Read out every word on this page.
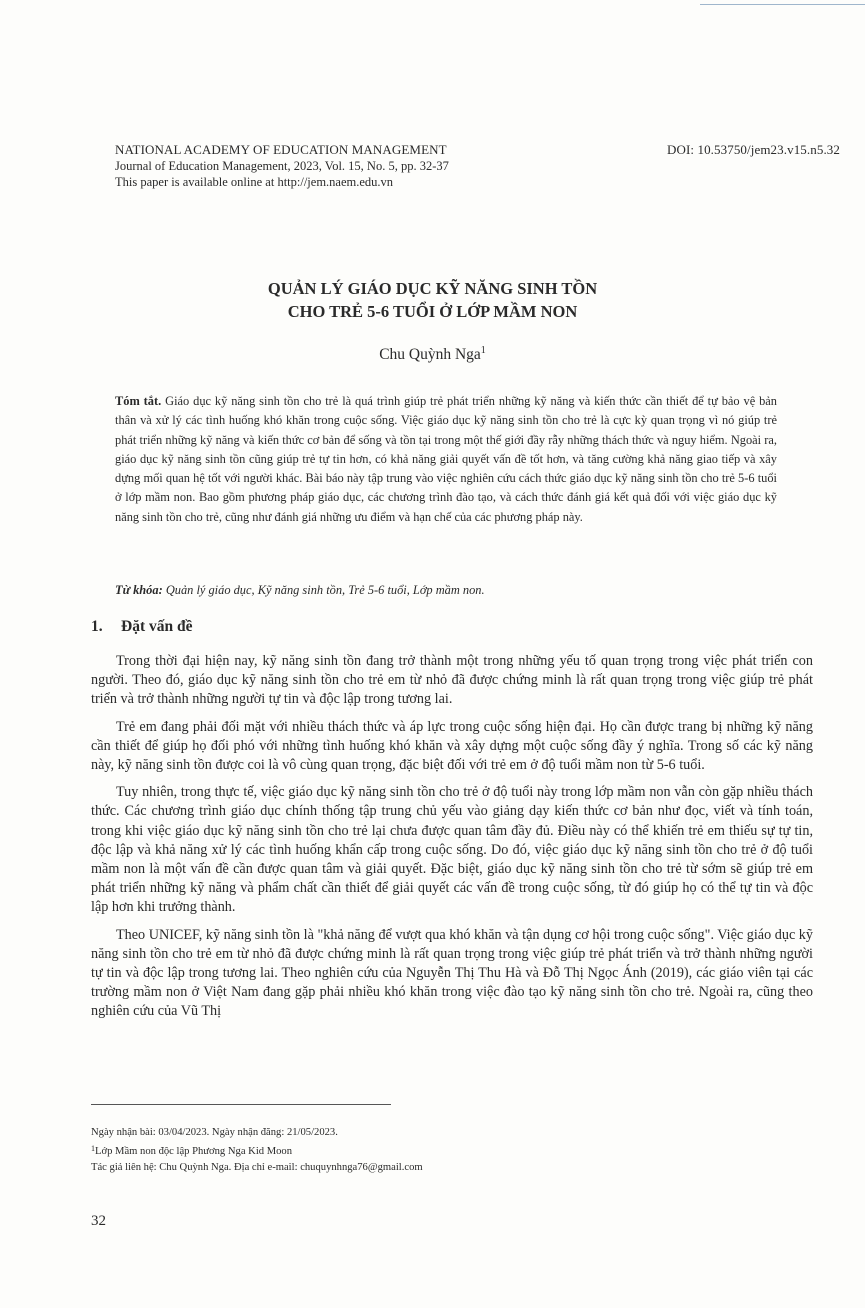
NATIONAL ACADEMY OF EDUCATION MANAGEMENT	DOI: 10.53750/jem23.v15.n5.32
Journal of Education Management, 2023, Vol. 15, No. 5, pp. 32-37
This paper is available online at http://jem.naem.edu.vn
QUẢN LÝ GIÁO DỤC KỸ NĂNG SINH TỒN
CHO TRẺ 5-6 TUỔI Ở LỚP MẦM NON
Chu Quỳnh Nga$^1$
Tóm tắt. Giáo dục kỹ năng sinh tồn cho trẻ là quá trình giúp trẻ phát triển những kỹ năng và kiến thức cần thiết để tự bảo vệ bản thân và xử lý các tình huống khó khăn trong cuộc sống. Việc giáo dục kỹ năng sinh tồn cho trẻ là cực kỳ quan trọng vì nó giúp trẻ phát triển những kỹ năng và kiến thức cơ bản để sống và tồn tại trong một thế giới đầy rẫy những thách thức và nguy hiểm. Ngoài ra, giáo dục kỹ năng sinh tồn cũng giúp trẻ tự tin hơn, có khả năng giải quyết vấn đề tốt hơn, và tăng cường khả năng giao tiếp và xây dựng mối quan hệ tốt với người khác. Bài báo này tập trung vào việc nghiên cứu cách thức giáo dục kỹ năng sinh tồn cho trẻ 5-6 tuổi ở lớp mầm non. Bao gồm phương pháp giáo dục, các chương trình đào tạo, và cách thức đánh giá kết quả đối với việc giáo dục kỹ năng sinh tồn cho trẻ, cũng như đánh giá những ưu điểm và hạn chế của các phương pháp này.
Từ khóa: Quản lý giáo dục, Kỹ năng sinh tồn, Trẻ 5-6 tuổi, Lớp mầm non.
1. Đặt vấn đề

Trong thời đại hiện nay, kỹ năng sinh tồn đang trở thành một trong những yếu tố quan trọng trong việc phát triển con người. Theo đó, giáo dục kỹ năng sinh tồn cho trẻ em từ nhỏ đã được chứng minh là rất quan trọng trong việc giúp trẻ phát triển và trở thành những người tự tin và độc lập trong tương lai.

Trẻ em đang phải đối mặt với nhiều thách thức và áp lực trong cuộc sống hiện đại. Họ cần được trang bị những kỹ năng cần thiết để giúp họ đối phó với những tình huống khó khăn và xây dựng một cuộc sống đầy ý nghĩa. Trong số các kỹ năng này, kỹ năng sinh tồn được coi là vô cùng quan trọng, đặc biệt đối với trẻ em ở độ tuổi mầm non từ 5-6 tuổi.

Tuy nhiên, trong thực tế, việc giáo dục kỹ năng sinh tồn cho trẻ ở độ tuổi này trong lớp mầm non vẫn còn gặp nhiều thách thức. Các chương trình giáo dục chính thống tập trung chủ yếu vào giảng dạy kiến thức cơ bản như đọc, viết và tính toán, trong khi việc giáo dục kỹ năng sinh tồn cho trẻ lại chưa được quan tâm đầy đủ. Điều này có thể khiến trẻ em thiếu sự tự tin, độc lập và khả năng xử lý các tình huống khẩn cấp trong cuộc sống. Do đó, việc giáo dục kỹ năng sinh tồn cho trẻ ở độ tuổi mầm non là một vấn đề cần được quan tâm và giải quyết. Đặc biệt, giáo dục kỹ năng sinh tồn cho trẻ từ sớm sẽ giúp trẻ em phát triển những kỹ năng và phẩm chất cần thiết để giải quyết các vấn đề trong cuộc sống, từ đó giúp họ có thể tự tin và độc lập hơn khi trưởng thành.

Theo UNICEF, kỹ năng sinh tồn là "khả năng để vượt qua khó khăn và tận dụng cơ hội trong cuộc sống". Việc giáo dục kỹ năng sinh tồn cho trẻ em từ nhỏ đã được chứng minh là rất quan trọng trong việc giúp trẻ phát triển và trở thành những người tự tin và độc lập trong tương lai. Theo nghiên cứu của Nguyễn Thị Thu Hà và Đỗ Thị Ngọc Ánh (2019), các giáo viên tại các trường mầm non ở Việt Nam đang gặp phải nhiều khó khăn trong việc đào tạo kỹ năng sinh tồn cho trẻ. Ngoài ra, cũng theo nghiên cứu của Vũ Thị

Ngày nhận bài: 03/04/2023. Ngày nhận đăng: 21/05/2023.
$^1$Lớp Mầm non độc lập Phương Nga Kid Moon
Tác giả liên hệ: Chu Quỳnh Nga. Địa chỉ e-mail: chuquynhnga76@gmail.com
32
